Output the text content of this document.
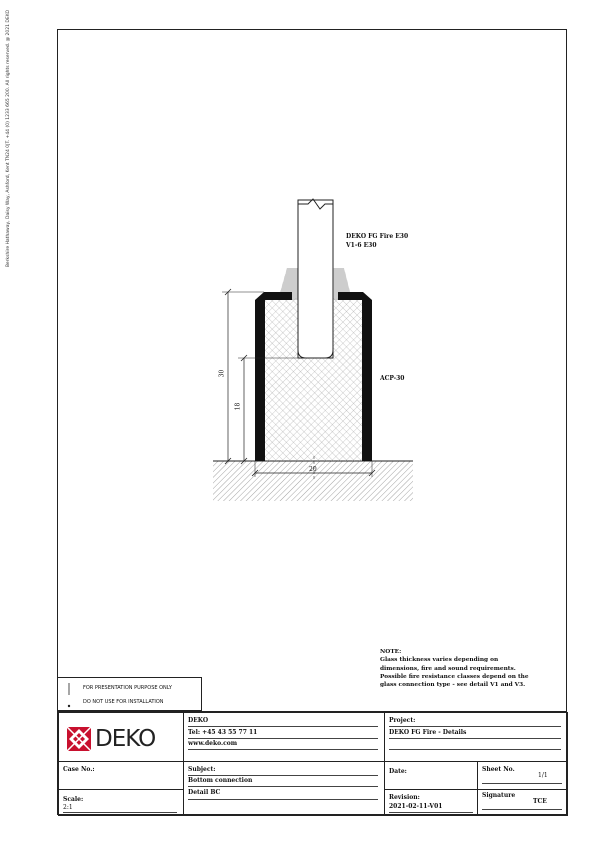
Berkshire Hathaway, Daisy Way, Ashford, Kent TN24 0JT. +44 (0) 1233 665 200. All rights reserved. @ 2021 DEKO	DEKO FG Fire E30
V1-6 E30
ACP-30
30
18
20
NOTE:
Glass thickness varies depending on
dimensions, fire and sound requirements.
Possible fire resistance classes depend on the
glass connection type - see detail V1 and V3.
FOR PRESENTATION PURPOSE ONLY
DO NOT USE FOR INSTALLATION
DEKO
DEKO
Tel: +45 43 55 77 11
www.deko.com
Project:
DEKO FG Fire - Details
Case No.:	Subject:
Bottom connection
Detail BC
Date:	Sheet No.
1/1
Scale:
2:1
Revision:
2021-02-11-V01
Signature
TCE
